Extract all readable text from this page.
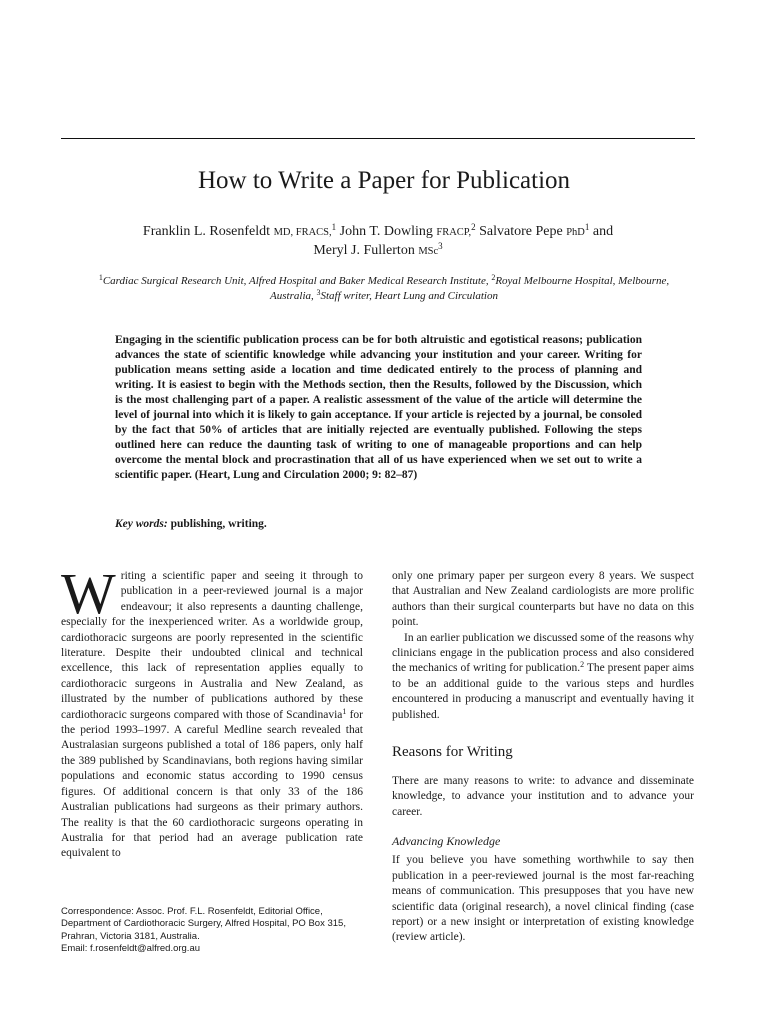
How to Write a Paper for Publication
Franklin L. Rosenfeldt MD, FRACS,$^1$ John T. Dowling FRACP,$^2$ Salvatore Pepe PhD$^1$ and
Meryl J. Fullerton MSc$^3$
$^1$Cardiac Surgical Research Unit, Alfred Hospital and Baker Medical Research Institute, $^2$Royal Melbourne Hospital, Melbourne, Australia, $^3$Staff writer, Heart Lung and Circulation
Engaging in the scientific publication process can be for both altruistic and egotistical reasons; publication advances the state of scientific knowledge while advancing your institution and your career. Writing for publication means setting aside a location and time dedicated entirely to the process of planning and writing. It is easiest to begin with the Methods section, then the Results, followed by the Discussion, which is the most challenging part of a paper. A realistic assessment of the value of the article will determine the level of journal into which it is likely to gain acceptance. If your article is rejected by a journal, be consoled by the fact that 50% of articles that are initially rejected are eventually published. Following the steps outlined here can reduce the daunting task of writing to one of manageable proportions and can help overcome the mental block and procrastination that all of us have experienced when we set out to write a scientific paper. (Heart, Lung and Circulation 2000; 9: 82–87)
Key words: publishing, writing.

Writing a scientific paper and seeing it through to publication in a peer-reviewed journal is a major endeavour; it also represents a daunting challenge, especially for the inexperienced writer. As a worldwide group, cardiothoracic surgeons are poorly represented in the scientific literature. Despite their undoubted clinical and technical excellence, this lack of representation applies equally to cardiothoracic surgeons in Australia and New Zealand, as illustrated by the number of publications authored by these cardiothoracic surgeons compared with those of Scandinavia$^1$ for the period 1993–1997. A careful Medline search revealed that Australasian surgeons published a total of 186 papers, only half the 389 published by Scandinavians, both regions having similar populations and economic status according to 1990 census figures. Of additional concern is that only 33 of the 186 Australian publications had surgeons as their primary authors. The reality is that the 60 cardiothoracic surgeons operating in Australia for that period had an average publication rate equivalent to

only one primary paper per surgeon every 8 years. We suspect that Australian and New Zealand cardiologists are more prolific authors than their surgical counterparts but have no data on this point.

In an earlier publication we discussed some of the reasons why clinicians engage in the publication process and also considered the mechanics of writing for publication.$^2$ The present paper aims to be an additional guide to the various steps and hurdles encountered in producing a manuscript and eventually having it published.

Reasons for Writing

There are many reasons to write: to advance and disseminate knowledge, to advance your institution and to advance your career.

Advancing Knowledge

If you believe you have something worthwhile to say then publication in a peer-reviewed journal is the most far-reaching means of communication. This presupposes that you have new scientific data (original research), a novel clinical finding (case report) or a new insight or interpretation of existing knowledge (review article).

Correspondence: Assoc. Prof. F.L. Rosenfeldt, Editorial Office,
Department of Cardiothoracic Surgery, Alfred Hospital, PO Box 315,
Prahran, Victoria 3181, Australia.
Email: f.rosenfeldt@alfred.org.au
